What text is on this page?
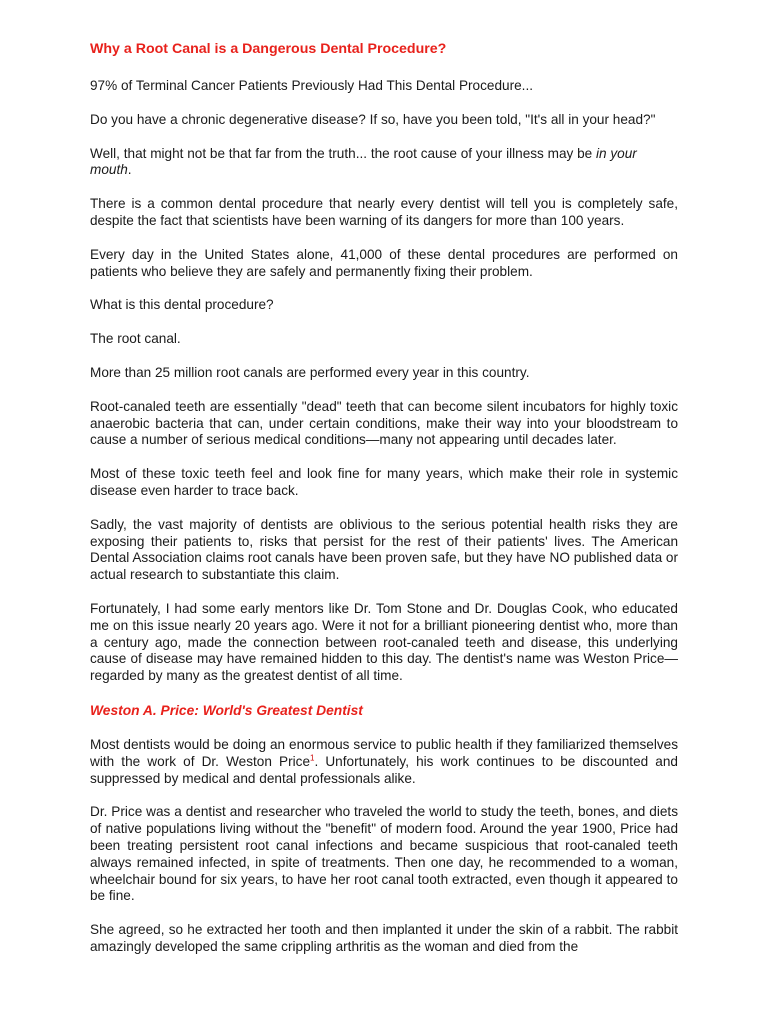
Why a Root Canal is a Dangerous Dental Procedure?

97% of Terminal Cancer Patients Previously Had This Dental Procedure...

Do you have a chronic degenerative disease? If so, have you been told, "It's all in your head?"

Well, that might not be that far from the truth... the root cause of your illness may be in your mouth.

There is a common dental procedure that nearly every dentist will tell you is completely safe, despite the fact that scientists have been warning of its dangers for more than 100 years.

Every day in the United States alone, 41,000 of these dental procedures are performed on patients who believe they are safely and permanently fixing their problem.

What is this dental procedure?

The root canal.

More than 25 million root canals are performed every year in this country.

Root-canaled teeth are essentially "dead" teeth that can become silent incubators for highly toxic anaerobic bacteria that can, under certain conditions, make their way into your bloodstream to cause a number of serious medical conditions—many not appearing until decades later.

Most of these toxic teeth feel and look fine for many years, which make their role in systemic disease even harder to trace back.

Sadly, the vast majority of dentists are oblivious to the serious potential health risks they are exposing their patients to, risks that persist for the rest of their patients' lives. The American Dental Association claims root canals have been proven safe, but they have NO published data or actual research to substantiate this claim.

Fortunately, I had some early mentors like Dr. Tom Stone and Dr. Douglas Cook, who educated me on this issue nearly 20 years ago. Were it not for a brilliant pioneering dentist who, more than a century ago, made the connection between root-canaled teeth and disease, this underlying cause of disease may have remained hidden to this day. The dentist's name was Weston Price—regarded by many as the greatest dentist of all time.

Weston A. Price: World's Greatest Dentist

Most dentists would be doing an enormous service to public health if they familiarized themselves with the work of Dr. Weston Price$^1$. Unfortunately, his work continues to be discounted and suppressed by medical and dental professionals alike.

Dr. Price was a dentist and researcher who traveled the world to study the teeth, bones, and diets of native populations living without the "benefit" of modern food. Around the year 1900, Price had been treating persistent root canal infections and became suspicious that root-canaled teeth always remained infected, in spite of treatments. Then one day, he recommended to a woman, wheelchair bound for six years, to have her root canal tooth extracted, even though it appeared to be fine.

She agreed, so he extracted her tooth and then implanted it under the skin of a rabbit. The rabbit amazingly developed the same crippling arthritis as the woman and died from the
